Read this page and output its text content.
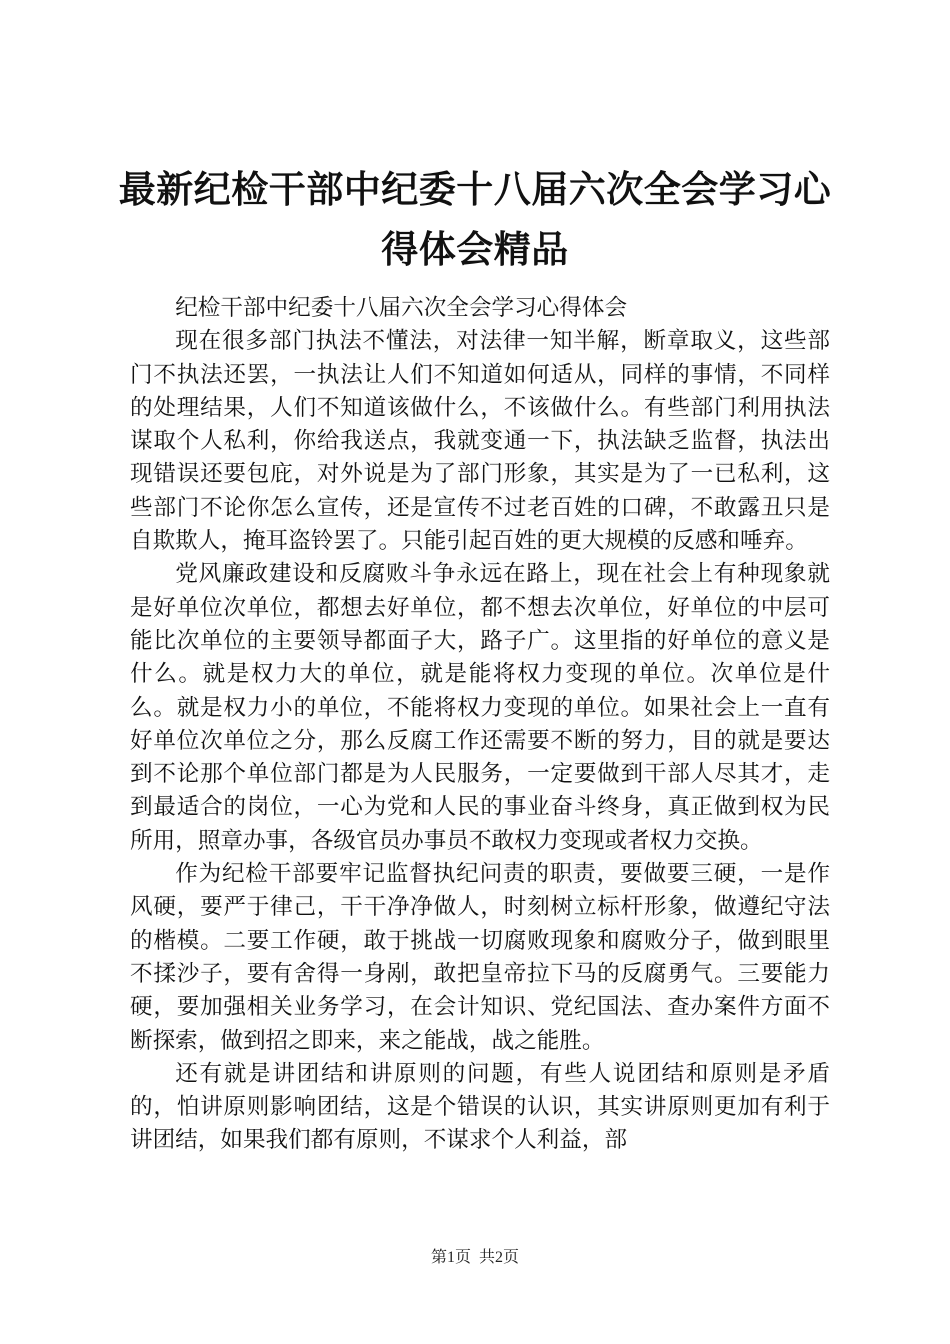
最新纪检干部中纪委十八届六次全会学习心得体会精品

纪检干部中纪委十八届六次全会学习心得体会

现在很多部门执法不懂法，对法律一知半解，断章取义，这些部门不执法还罢，一执法让人们不知道如何适从，同样的事情，不同样的处理结果，人们不知道该做什么，不该做什么。有些部门利用执法谋取个人私利，你给我送点，我就变通一下，执法缺乏监督，执法出现错误还要包庇，对外说是为了部门形象，其实是为了一已私利，这些部门不论你怎么宣传，还是宣传不过老百姓的口碑，不敢露丑只是自欺欺人，掩耳盗铃罢了。只能引起百姓的更大规模的反感和唾弃。

党风廉政建设和反腐败斗争永远在路上，现在社会上有种现象就是好单位次单位，都想去好单位，都不想去次单位，好单位的中层可能比次单位的主要领导都面子大，路子广。这里指的好单位的意义是什么。就是权力大的单位，就是能将权力变现的单位。次单位是什么。就是权力小的单位，不能将权力变现的单位。如果社会上一直有好单位次单位之分，那么反腐工作还需要不断的努力，目的就是要达到不论那个单位部门都是为人民服务，一定要做到干部人尽其才，走到最适合的岗位，一心为党和人民的事业奋斗终身，真正做到权为民所用，照章办事，各级官员办事员不敢权力变现或者权力交换。

作为纪检干部要牢记监督执纪问责的职责，要做要三硬，一是作风硬，要严于律己，干干净净做人，时刻树立标杆形象，做遵纪守法的楷模。二要工作硬，敢于挑战一切腐败现象和腐败分子，做到眼里不揉沙子，要有舍得一身剐，敢把皇帝拉下马的反腐勇气。三要能力硬，要加强相关业务学习，在会计知识、党纪国法、查办案件方面不断探索，做到招之即来，来之能战，战之能胜。

还有就是讲团结和讲原则的问题，有些人说团结和原则是矛盾的，怕讲原则影响团结，这是个错误的认识，其实讲原则更加有利于讲团结，如果我们都有原则，不谋求个人利益，部

第1页 共2页
